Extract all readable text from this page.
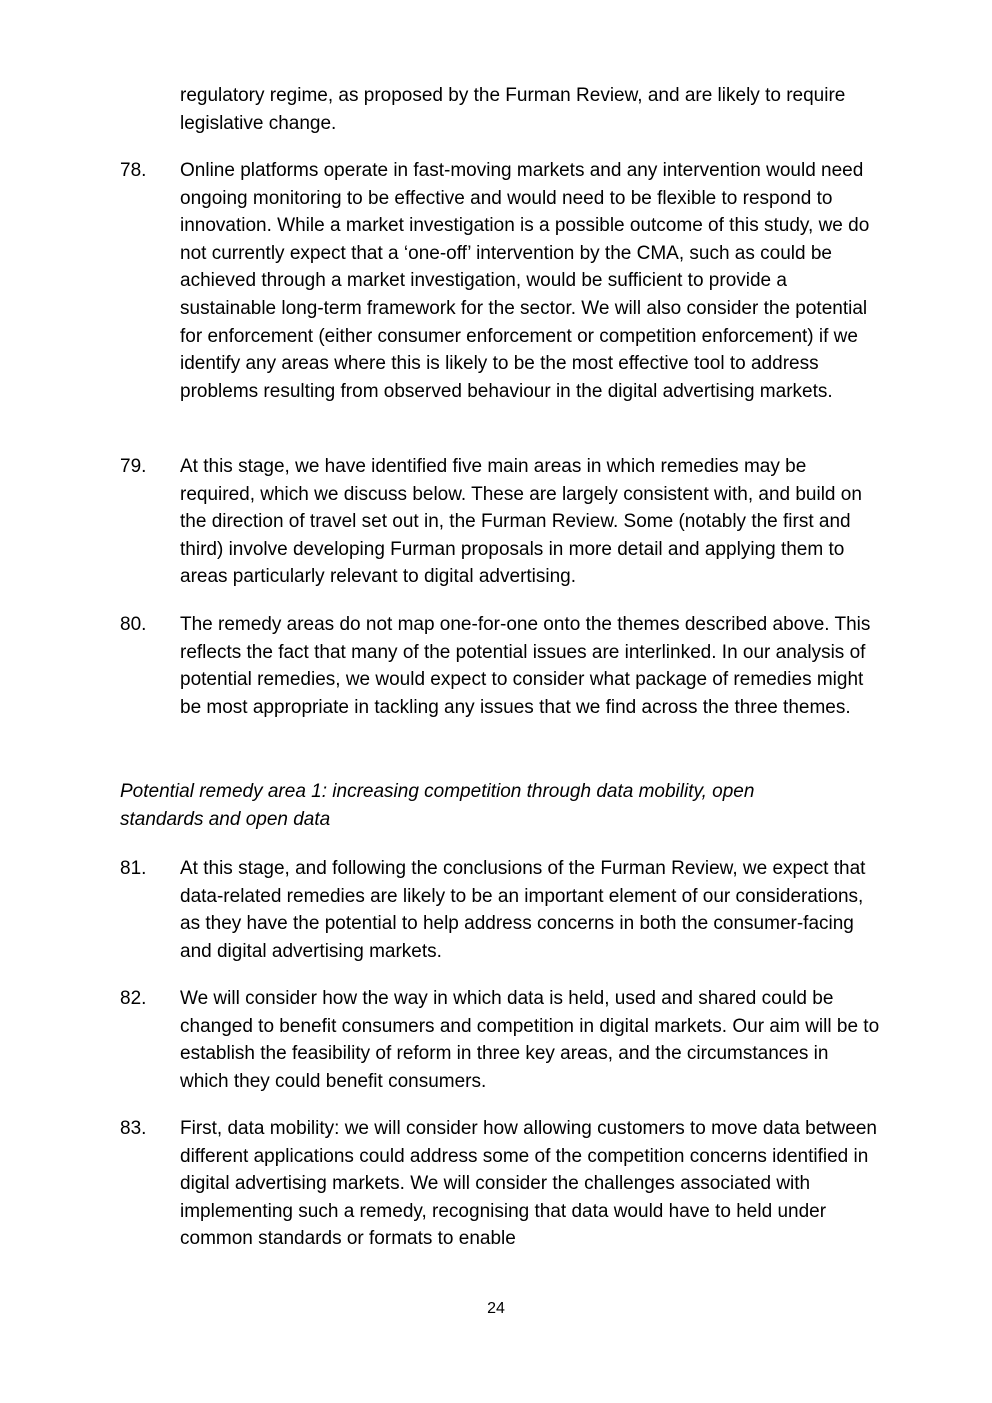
regulatory regime, as proposed by the Furman Review, and are likely to require legislative change.
78.	Online platforms operate in fast-moving markets and any intervention would need ongoing monitoring to be effective and would need to be flexible to respond to innovation. While a market investigation is a possible outcome of this study, we do not currently expect that a ‘one-off’ intervention by the CMA, such as could be achieved through a market investigation, would be sufficient to provide a sustainable long-term framework for the sector. We will also consider the potential for enforcement (either consumer enforcement or competition enforcement) if we identify any areas where this is likely to be the most effective tool to address problems resulting from observed behaviour in the digital advertising markets.
79.	At this stage, we have identified five main areas in which remedies may be required, which we discuss below. These are largely consistent with, and build on the direction of travel set out in, the Furman Review. Some (notably the first and third) involve developing Furman proposals in more detail and applying them to areas particularly relevant to digital advertising.
80.	The remedy areas do not map one-for-one onto the themes described above. This reflects the fact that many of the potential issues are interlinked. In our analysis of potential remedies, we would expect to consider what package of remedies might be most appropriate in tackling any issues that we find across the three themes.
Potential remedy area 1: increasing competition through data mobility, open standards and open data
81.	At this stage, and following the conclusions of the Furman Review, we expect that data-related remedies are likely to be an important element of our considerations, as they have the potential to help address concerns in both the consumer-facing and digital advertising markets.
82.	We will consider how the way in which data is held, used and shared could be changed to benefit consumers and competition in digital markets. Our aim will be to establish the feasibility of reform in three key areas, and the circumstances in which they could benefit consumers.
83.	First, data mobility: we will consider how allowing customers to move data between different applications could address some of the competition concerns identified in digital advertising markets. We will consider the challenges associated with implementing such a remedy, recognising that data would have to held under common standards or formats to enable
24
